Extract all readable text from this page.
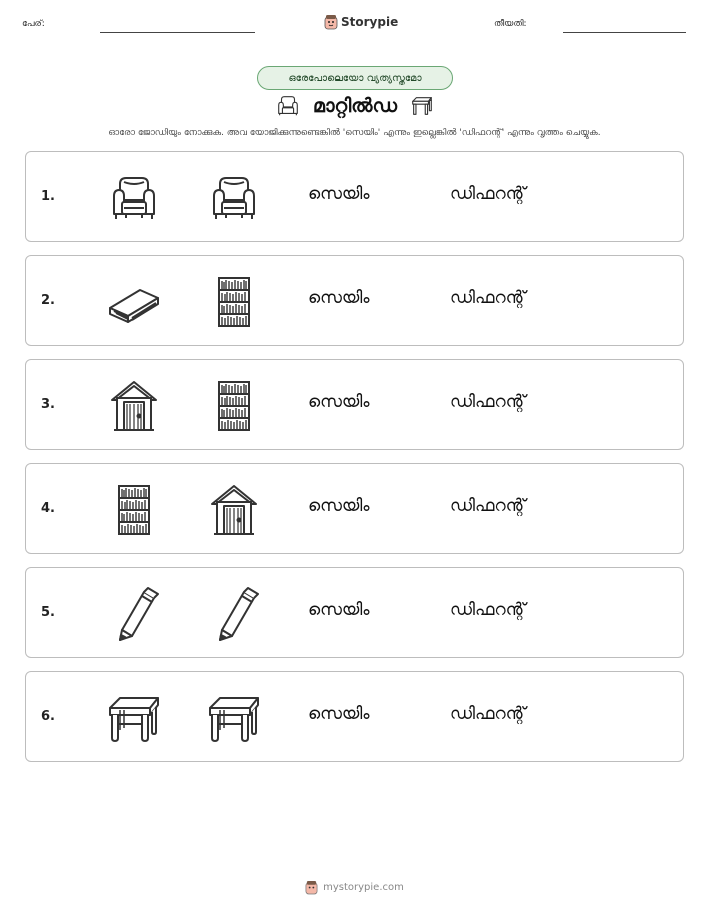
പേര്:	Storypie	തീയതി:
ഒരേപോലെയോ വ്യത്യസ്തമോ
മാറ്റിൽഡ
ഓരോ ജോഡിയും നോക്കുക. അവ യോജിക്കുന്നുണ്ടെങ്കിൽ 'സെയിം' എന്നും ഇല്ലെങ്കിൽ 'ഡിഫറന്റ്' എന്നും വൃത്തം ചെയ്യുക.
1.	സെയിം	ഡിഫറന്റ്
2.	സെയിം	ഡിഫറന്റ്
3.	സെയിം	ഡിഫറന്റ്
4.	സെയിം	ഡിഫറന്റ്
5.	സെയിം	ഡിഫറന്റ്
6.	സെയിം	ഡിഫറന്റ്
mystorypie.com
